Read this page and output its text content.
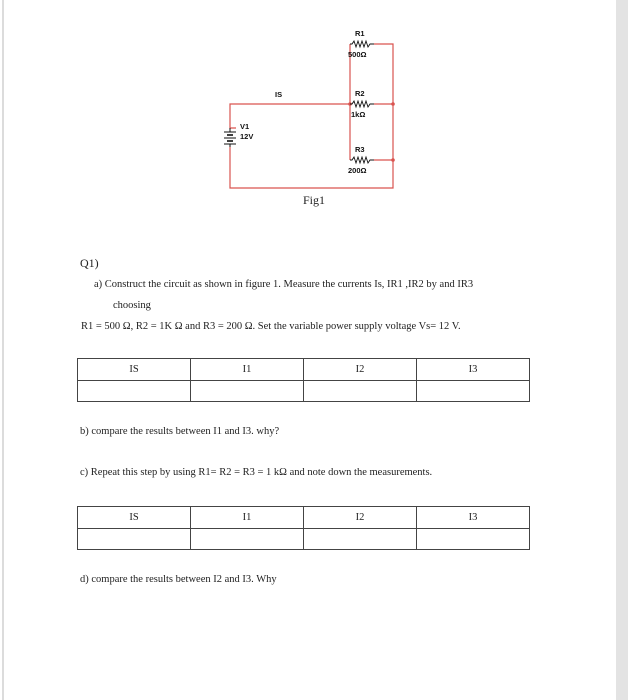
R1
500Ω
R2
1kΩ
R3
200Ω
IS
V1
12V
Fig1
Q1)
a) Construct the circuit as shown in figure 1. Measure the currents Is, IR1 ,IR2 by and IR3
choosing
R1 = 500 Ω, R2 = 1K Ω and R3 = 200 Ω. Set the variable power supply voltage Vs= 12 V.
IS	I1	I2	I3

b) compare the results between I1 and I3. why?
c) Repeat this step by using R1= R2 = R3 = 1 kΩ and note down the measurements.
IS	I1	I2	I3

d) compare the results between I2 and I3. Why
